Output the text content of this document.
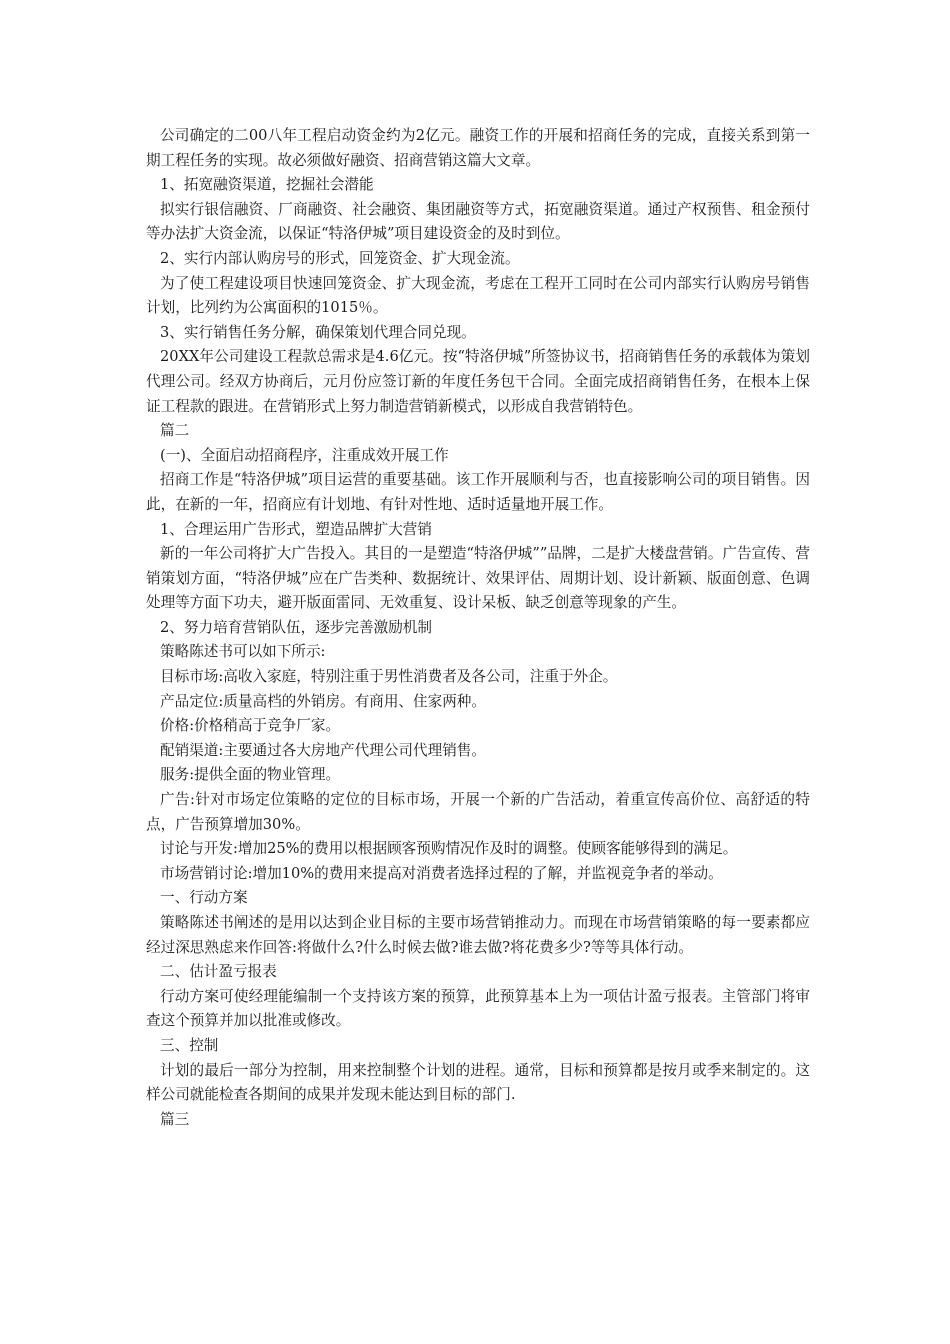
公司确定的二00八年工程启动资金约为2亿元。融资工作的开展和招商任务的完成，直接关系到第一期工程任务的实现。故必须做好融资、招商营销这篇大文章。

1、拓宽融资渠道，挖掘社会潜能

拟实行银信融资、厂商融资、社会融资、集团融资等方式，拓宽融资渠道。通过产权预售、租金预付等办法扩大资金流，以保证“特洛伊城”项目建设资金的及时到位。

2、实行内部认购房号的形式，回笼资金、扩大现金流。

为了使工程建设项目快速回笼资金、扩大现金流，考虑在工程开工同时在公司内部实行认购房号销售计划，比列约为公寓面积的1015％。

3、实行销售任务分解，确保策划代理合同兑现。

20XX年公司建设工程款总需求是4.6亿元。按“特洛伊城”所签协议书，招商销售任务的承载体为策划代理公司。经双方协商后，元月份应签订新的年度任务包干合同。全面完成招商销售任务，在根本上保证工程款的跟进。在营销形式上努力制造营销新模式，以形成自我营销特色。

篇二

(一)、全面启动招商程序，注重成效开展工作

招商工作是“特洛伊城”项目运营的重要基础。该工作开展顺利与否，也直接影响公司的项目销售。因此，在新的一年，招商应有计划地、有针对性地、适时适量地开展工作。

1、合理运用广告形式，塑造品牌扩大营销

新的一年公司将扩大广告投入。其目的一是塑造“特洛伊城””品牌，二是扩大楼盘营销。广告宣传、营销策划方面，“特洛伊城”应在广告类种、数据统计、效果评估、周期计划、设计新颖、版面创意、色调处理等方面下功夫，避开版面雷同、无效重复、设计呆板、缺乏创意等现象的产生。

2、努力培育营销队伍，逐步完善激励机制

策略陈述书可以如下所示:

目标市场:高收入家庭，特别注重于男性消费者及各公司，注重于外企。

产品定位:质量高档的外销房。有商用、住家两种。

价格:价格稍高于竞争厂家。

配销渠道:主要通过各大房地产代理公司代理销售。

服务:提供全面的物业管理。

广告:针对市场定位策略的定位的目标市场，开展一个新的广告活动，着重宣传高价位、高舒适的特点，广告预算增加30%。

讨论与开发:增加25%的费用以根据顾客预购情况作及时的调整。使顾客能够得到的满足。

市场营销讨论:增加10%的费用来提高对消费者选择过程的了解，并监视竞争者的举动。

一、行动方案

策略陈述书阐述的是用以达到企业目标的主要市场营销推动力。而现在市场营销策略的每一要素都应经过深思熟虑来作回答:将做什么?什么时候去做?谁去做?将花费多少?等等具体行动。

二、估计盈亏报表

行动方案可使经理能编制一个支持该方案的预算，此预算基本上为一项估计盈亏报表。主管部门将审查这个预算并加以批准或修改。

三、控制

计划的最后一部分为控制，用来控制整个计划的进程。通常，目标和预算都是按月或季来制定的。这样公司就能检查各期间的成果并发现未能达到目标的部门.

篇三
